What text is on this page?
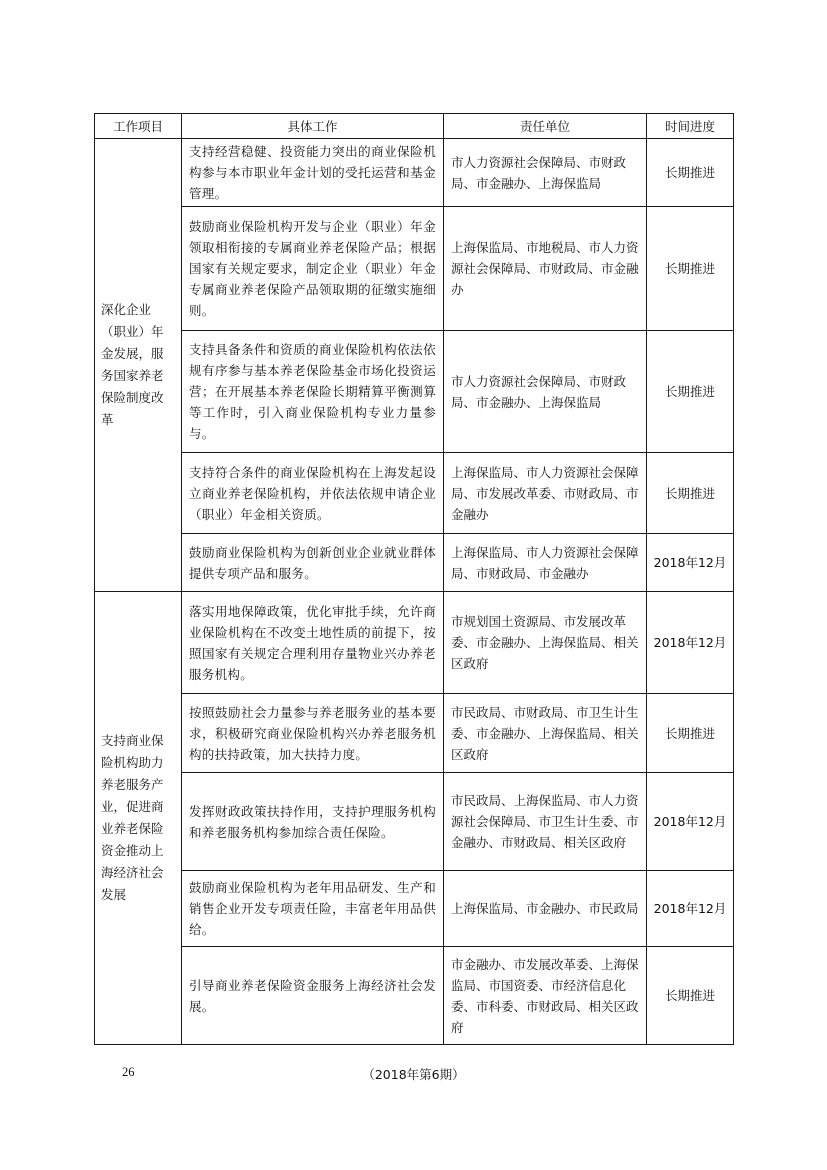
工作项目	具体工作	责任单位	时间进度
深化企业（职业）年金发展，服务国家养老保险制度改革	支持经营稳健、投资能力突出的商业保险机构参与本市职业年金计划的受托运营和基金管理。	市人力资源社会保障局、市财政局、市金融办、上海保监局	长期推进
	鼓励商业保险机构开发与企业（职业）年金领取相衔接的专属商业养老保险产品；根据国家有关规定要求，制定企业（职业）年金专属商业养老保险产品领取期的征缴实施细则。	上海保监局、市地税局、市人力资源社会保障局、市财政局、市金融办	长期推进
	支持具备条件和资质的商业保险机构依法依规有序参与基本养老保险基金市场化投资运营；在开展基本养老保险长期精算平衡测算等工作时，引入商业保险机构专业力量参与。	市人力资源社会保障局、市财政局、市金融办、上海保监局	长期推进
	支持符合条件的商业保险机构在上海发起设立商业养老保险机构，并依法依规申请企业（职业）年金相关资质。	上海保监局、市人力资源社会保障局、市发展改革委、市财政局、市金融办	长期推进
	鼓励商业保险机构为创新创业企业就业群体提供专项产品和服务。	上海保监局、市人力资源社会保障局、市财政局、市金融办	2018年12月
支持商业保险机构助力养老服务产业，促进商业养老保险资金推动上海经济社会发展	落实用地保障政策，优化审批手续，允许商业保险机构在不改变土地性质的前提下，按照国家有关规定合理利用存量物业兴办养老服务机构。	市规划国土资源局、市发展改革委、市金融办、上海保监局、相关区政府	2018年12月
	按照鼓励社会力量参与养老服务业的基本要求，积极研究商业保险机构兴办养老服务机构的扶持政策，加大扶持力度。	市民政局、市财政局、市卫生计生委、市金融办、上海保监局、相关区政府	长期推进
	发挥财政政策扶持作用，支持护理服务机构和养老服务机构参加综合责任保险。	市民政局、上海保监局、市人力资源社会保障局、市卫生计生委、市金融办、市财政局、相关区政府	2018年12月
	鼓励商业保险机构为老年用品研发、生产和销售企业开发专项责任险，丰富老年用品供给。	上海保监局、市金融办、市民政局	2018年12月
	引导商业养老保险资金服务上海经济社会发展。	市金融办、市发展改革委、上海保监局、市国资委、市经济信息化委、市科委、市财政局、相关区政府	长期推进
26	（2018年第6期）
